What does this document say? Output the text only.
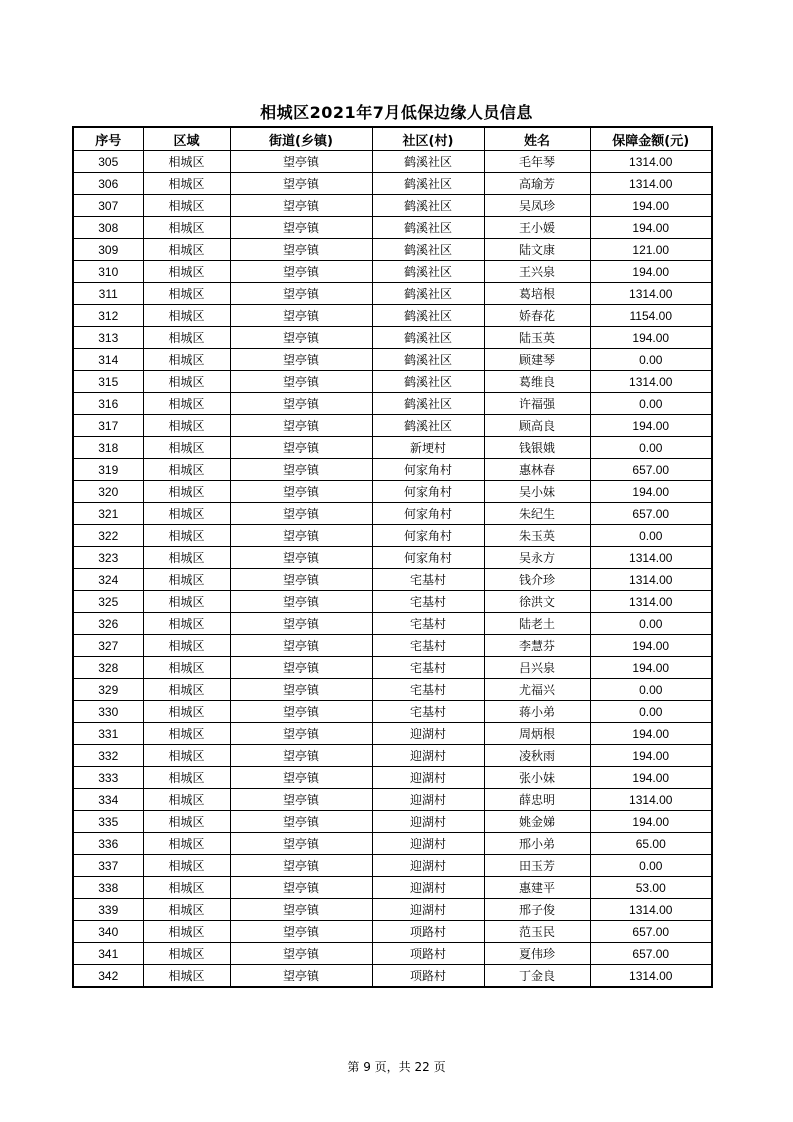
相城区2021年7月低保边缘人员信息
序号	区域	街道(乡镇)	社区(村)	姓名	保障金额(元)
305	相城区	望亭镇	鹤溪社区	毛年琴	1314.00
306	相城区	望亭镇	鹤溪社区	高瑜芳	1314.00
307	相城区	望亭镇	鹤溪社区	吴凤珍	194.00
308	相城区	望亭镇	鹤溪社区	王小媛	194.00
309	相城区	望亭镇	鹤溪社区	陆文康	121.00
310	相城区	望亭镇	鹤溪社区	王兴泉	194.00
311	相城区	望亭镇	鹤溪社区	葛培根	1314.00
312	相城区	望亭镇	鹤溪社区	娇春花	1154.00
313	相城区	望亭镇	鹤溪社区	陆玉英	194.00
314	相城区	望亭镇	鹤溪社区	顾建琴	0.00
315	相城区	望亭镇	鹤溪社区	葛维良	1314.00
316	相城区	望亭镇	鹤溪社区	许福强	0.00
317	相城区	望亭镇	鹤溪社区	顾高良	194.00
318	相城区	望亭镇	新埂村	钱银娥	0.00
319	相城区	望亭镇	何家角村	惠林春	657.00
320	相城区	望亭镇	何家角村	吴小妹	194.00
321	相城区	望亭镇	何家角村	朱纪生	657.00
322	相城区	望亭镇	何家角村	朱玉英	0.00
323	相城区	望亭镇	何家角村	吴永方	1314.00
324	相城区	望亭镇	宅基村	钱介珍	1314.00
325	相城区	望亭镇	宅基村	徐洪文	1314.00
326	相城区	望亭镇	宅基村	陆老土	0.00
327	相城区	望亭镇	宅基村	李慧芬	194.00
328	相城区	望亭镇	宅基村	吕兴泉	194.00
329	相城区	望亭镇	宅基村	尤福兴	0.00
330	相城区	望亭镇	宅基村	蒋小弟	0.00
331	相城区	望亭镇	迎湖村	周炳根	194.00
332	相城区	望亭镇	迎湖村	凌秋雨	194.00
333	相城区	望亭镇	迎湖村	张小妹	194.00
334	相城区	望亭镇	迎湖村	薛忠明	1314.00
335	相城区	望亭镇	迎湖村	姚金娣	194.00
336	相城区	望亭镇	迎湖村	邢小弟	65.00
337	相城区	望亭镇	迎湖村	田玉芳	0.00
338	相城区	望亭镇	迎湖村	惠建平	53.00
339	相城区	望亭镇	迎湖村	邢子俊	1314.00
340	相城区	望亭镇	项路村	范玉民	657.00
341	相城区	望亭镇	项路村	夏伟珍	657.00
342	相城区	望亭镇	项路村	丁金良	1314.00
第 9 页，共 22 页
